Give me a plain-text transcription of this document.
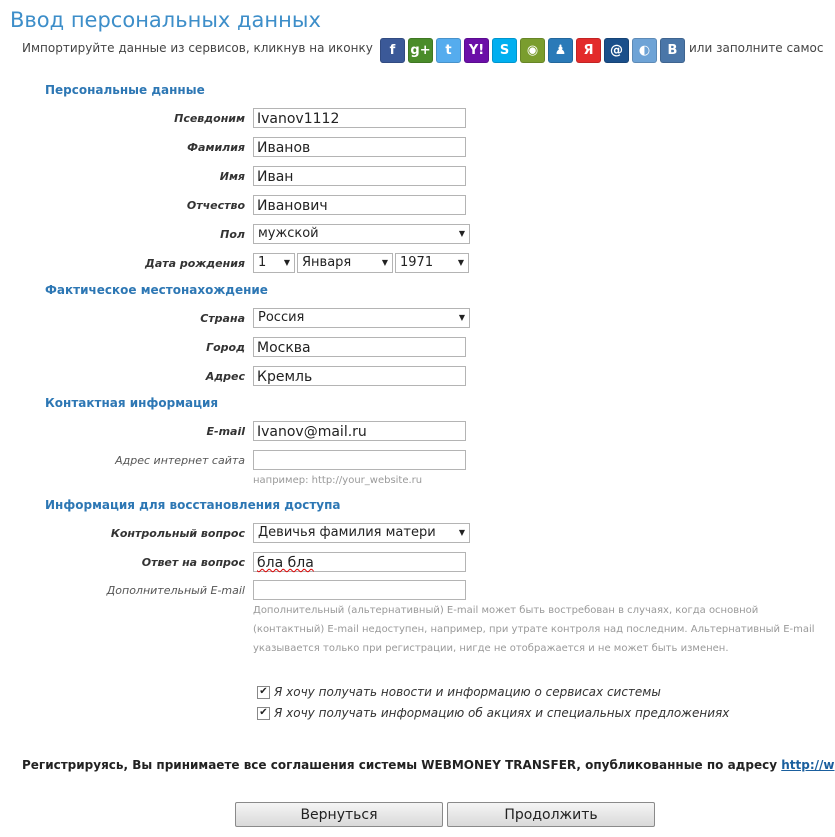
Ввод персональных данных
Импортируйте данные из сервисов, кликнув на иконку	f	g+	t	Y!	S	◉	♟	Я	@	◐	B или заполните самос
Персональные данные
Псевдоним Ivanov1112
Фамилия Иванов
Имя Иван
Отчество Иванович
Пол	мужской ▼
Дата рождения	1 ▼	Января ▼	1971 ▼
Фактическое местонахождение
Страна	Россия ▼
Город Москва
Адрес Кремль
Контактная информация
E-mail Ivanov@mail.ru
Адрес интернет сайта
например: http://your_website.ru
Информация для восстановления доступа
Контрольный вопрос	Девичья фамилия матери ▼
Ответ на вопрос бла бла
Дополнительный E-mail
Дополнительный (альтернативный) E-mail может быть востребован в случаях, когда основной (контактный) E-mail недоступен, например, при утрате контроля над последним. Альтернативный E-mail указывается только при регистрации, нигде не отображается и не может быть изменен.
✔ Я хочу получать новости и информацию о сервисах системы
✔ Я хочу получать информацию об акциях и специальных предложениях
Регистрируясь, Вы принимаете все соглашения системы WEBMONEY TRANSFER, опубликованные по адресу http://w
Вернуться	Продолжить
